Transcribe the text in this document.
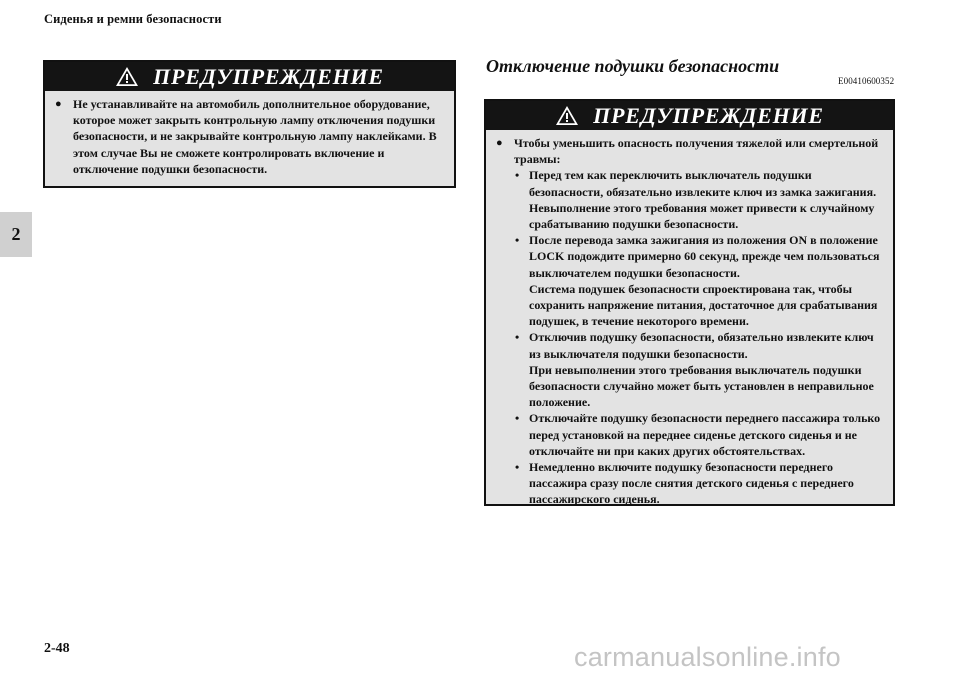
Сиденья и ремни безопасности
2
ПРЕДУПРЕЖДЕНИЕ
● Не устанавливайте на автомобиль дополнительное оборудование, которое может закрыть контрольную лампу отключения подушки безопасности, и не закрывайте контрольную лампу наклейками. В этом случае Вы не сможете контролировать включение и отключение подушки безопасности.
Отключение подушки безопасности
E00410600352
ПРЕДУПРЕЖДЕНИЕ
● Чтобы уменьшить опасность получения тяжелой или смертельной травмы:
• Перед тем как переключить выключатель подушки безопасности, обязательно извлеките ключ из замка зажигания. Невыполнение этого требования может привести к случайному срабатыванию подушки безопасности.
• После перевода замка зажигания из положения ON в положение LOCK подождите примерно 60 секунд, прежде чем пользоваться выключателем подушки безопасности.
Система подушек безопасности спроектирована так, чтобы сохранить напряжение питания, достаточное для срабатывания подушек, в течение некоторого времени.
• Отключив подушку безопасности, обязательно извлеките ключ из выключателя подушки безопасности.
При невыполнении этого требования выключатель подушки безопасности случайно может быть установлен в неправильное положение.
• Отключайте подушку безопасности переднего пассажира только перед установкой на переднее сиденье детского сиденья и не отключайте ни при каких других обстоятельствах.
• Немедленно включите подушку безопасности переднего пассажира сразу после снятия детского сиденья с переднего пассажирского сиденья.
2-48	carmanualsonline.info
